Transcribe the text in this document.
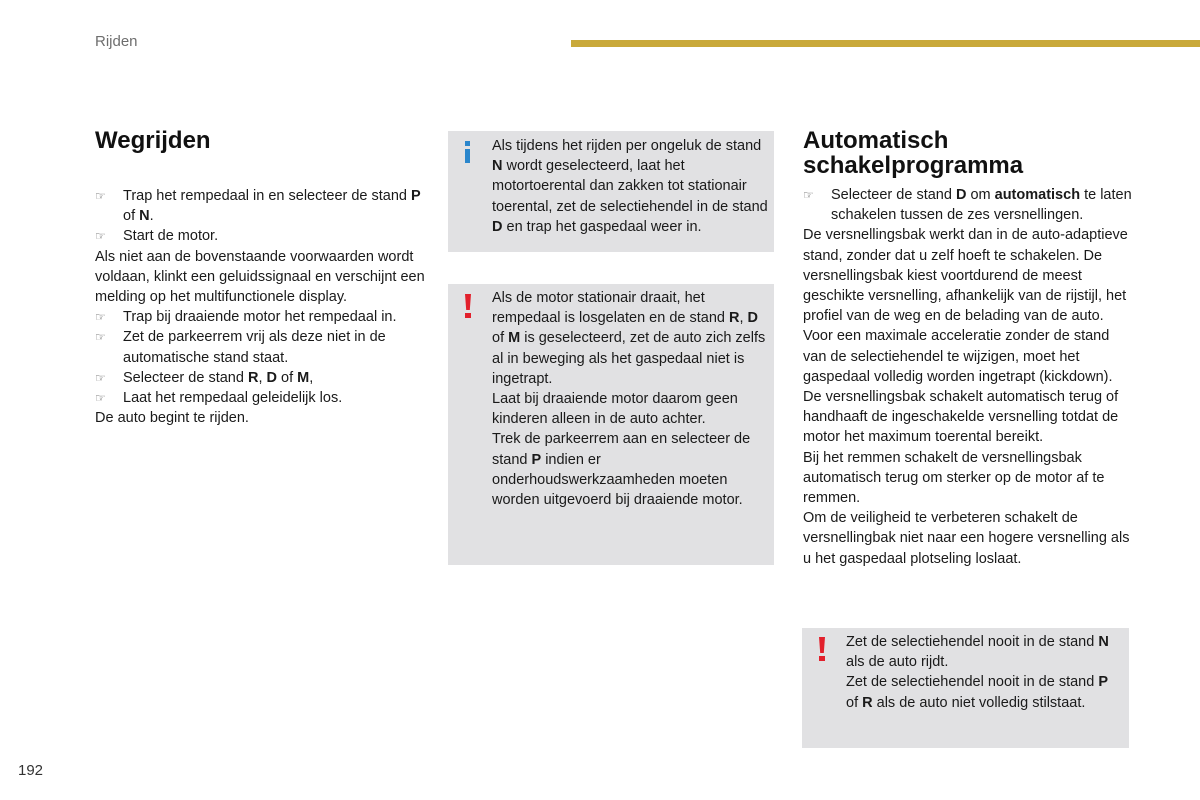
Rijden
Wegrijden

☞ Trap het rempedaal in en selecteer de stand P of N.

☞ Start de motor.

Als niet aan de bovenstaande voorwaarden wordt voldaan, klinkt een geluidssignaal en verschijnt een melding op het multifunctionele display.

☞ Trap bij draaiende motor het rempedaal in.

☞ Zet de parkeerrem vrij als deze niet in de automatische stand staat.

☞ Selecteer de stand R, D of M,

☞ Laat het rempedaal geleidelijk los.

De auto begint te rijden.

Als tijdens het rijden per ongeluk de stand N wordt geselecteerd, laat het motortoerental dan zakken tot stationair toerental, zet de selectiehendel in de stand D en trap het gaspedaal weer in.

Als de motor stationair draait, het rempedaal is losgelaten en de stand R, D of M is geselecteerd, zet de auto zich zelfs al in beweging als het gaspedaal niet is ingetrapt.

Laat bij draaiende motor daarom geen kinderen alleen in de auto achter.

Trek de parkeerrem aan en selecteer de stand P indien er onderhoudswerkzaamheden moeten worden uitgevoerd bij draaiende motor.

Automatisch
schakelprogramma

☞ Selecteer de stand D om automatisch te laten schakelen tussen de zes versnellingen.

De versnellingsbak werkt dan in de auto-adaptieve stand, zonder dat u zelf hoeft te schakelen. De versnellingsbak kiest voortdurend de meest geschikte versnelling, afhankelijk van de rijstijl, het profiel van de weg en de belading van de auto.

Voor een maximale acceleratie zonder de stand van de selectiehendel te wijzigen, moet het gaspedaal volledig worden ingetrapt (kickdown).

De versnellingsbak schakelt automatisch terug of handhaaft de ingeschakelde versnelling totdat de motor het maximum toerental bereikt.

Bij het remmen schakelt de versnellingsbak automatisch terug om sterker op de motor af te remmen.

Om de veiligheid te verbeteren schakelt de versnellingbak niet naar een hogere versnelling als u het gaspedaal plotseling loslaat.

Zet de selectiehendel nooit in de stand N als de auto rijdt.

Zet de selectiehendel nooit in de stand P of R als de auto niet volledig stilstaat.

192
